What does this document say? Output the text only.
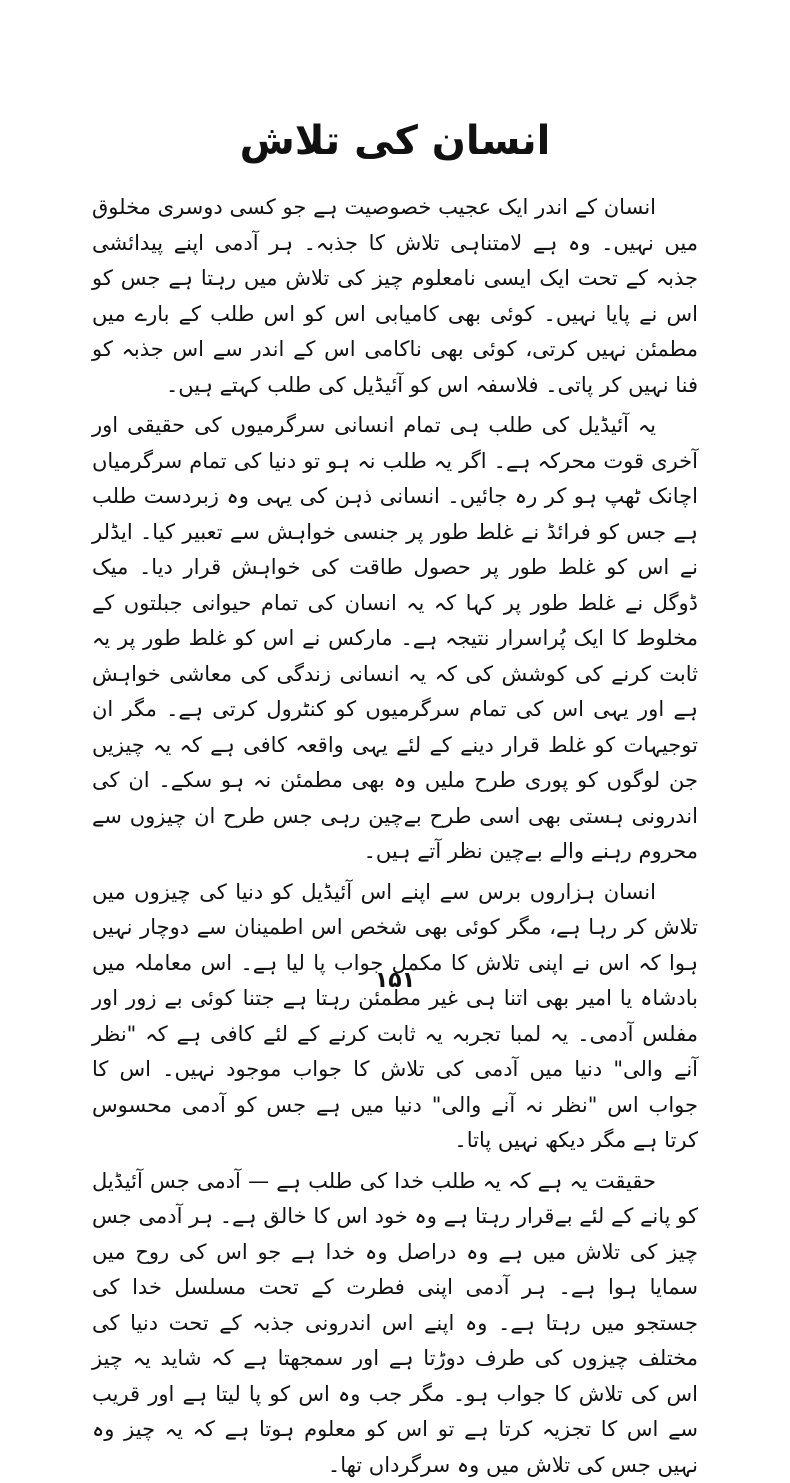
انسان کی تلاش

انسان کے اندر ایک عجیب خصوصیت ہے جو کسی دوسری مخلوق میں نہیں۔ وہ ہے لامتناہی تلاش کا جذبہ۔ ہر آدمی اپنے پیدائشی جذبہ کے تحت ایک ایسی نامعلوم چیز کی تلاش میں رہتا ہے جس کو اس نے پایا نہیں۔ کوئی بھی کامیابی اس کو اس طلب کے بارے میں مطمئن نہیں کرتی، کوئی بھی ناکامی اس کے اندر سے اس جذبہ کو فنا نہیں کر پاتی۔ فلاسفہ اس کو آئیڈیل کی طلب کہتے ہیں۔

یہ آئیڈیل کی طلب ہی تمام انسانی سرگرمیوں کی حقیقی اور آخری قوت محرکہ ہے۔ اگر یہ طلب نہ ہو تو دنیا کی تمام سرگرمیاں اچانک ٹھپ ہو کر رہ جائیں۔ انسانی ذہن کی یہی وہ زبردست طلب ہے جس کو فرائڈ نے غلط طور پر جنسی خواہش سے تعبیر کیا۔ ایڈلر نے اس کو غلط طور پر حصول طاقت کی خواہش قرار دیا۔ میک ڈوگل نے غلط طور پر کہا کہ یہ انسان کی تمام حیوانی جبلتوں کے مخلوط کا ایک پُراسرار نتیجہ ہے۔ مارکس نے اس کو غلط طور پر یہ ثابت کرنے کی کوشش کی کہ یہ انسانی زندگی کی معاشی خواہش ہے اور یہی اس کی تمام سرگرمیوں کو کنٹرول کرتی ہے۔ مگر ان توجیہات کو غلط قرار دینے کے لئے یہی واقعہ کافی ہے کہ یہ چیزیں جن لوگوں کو پوری طرح ملیں وہ بھی مطمئن نہ ہو سکے۔ ان کی اندرونی ہستی بھی اسی طرح بےچین رہی جس طرح ان چیزوں سے محروم رہنے والے بےچین نظر آتے ہیں۔

انسان ہزاروں برس سے اپنے اس آئیڈیل کو دنیا کی چیزوں میں تلاش کر رہا ہے، مگر کوئی بھی شخص اس اطمینان سے دوچار نہیں ہوا کہ اس نے اپنی تلاش کا مکمل جواب پا لیا ہے۔ اس معاملہ میں بادشاہ یا امیر بھی اتنا ہی غیر مطمئن رہتا ہے جتنا کوئی بے زور اور مفلس آدمی۔ یہ لمبا تجربہ یہ ثابت کرنے کے لئے کافی ہے کہ "نظر آنے والی" دنیا میں آدمی کی تلاش کا جواب موجود نہیں۔ اس کا جواب اس "نظر نہ آنے والی" دنیا میں ہے جس کو آدمی محسوس کرتا ہے مگر دیکھ نہیں پاتا۔

حقیقت یہ ہے کہ یہ طلب خدا کی طلب ہے — آدمی جس آئیڈیل کو پانے کے لئے بےقرار رہتا ہے وہ خود اس کا خالق ہے۔ ہر آدمی جس چیز کی تلاش میں ہے وہ دراصل وہ خدا ہے جو اس کی روح میں سمایا ہوا ہے۔ ہر آدمی اپنی فطرت کے تحت مسلسل خدا کی جستجو میں رہتا ہے۔ وہ اپنے اس اندرونی جذبہ کے تحت دنیا کی مختلف چیزوں کی طرف دوڑتا ہے اور سمجھتا ہے کہ شاید یہ چیز اس کی تلاش کا جواب ہو۔ مگر جب وہ اس کو پا لیتا ہے اور قریب سے اس کا تجزیہ کرتا ہے تو اس کو معلوم ہوتا ہے کہ یہ چیز وہ نہیں جس کی تلاش میں وہ سرگرداں تھا۔

۱۵۱
